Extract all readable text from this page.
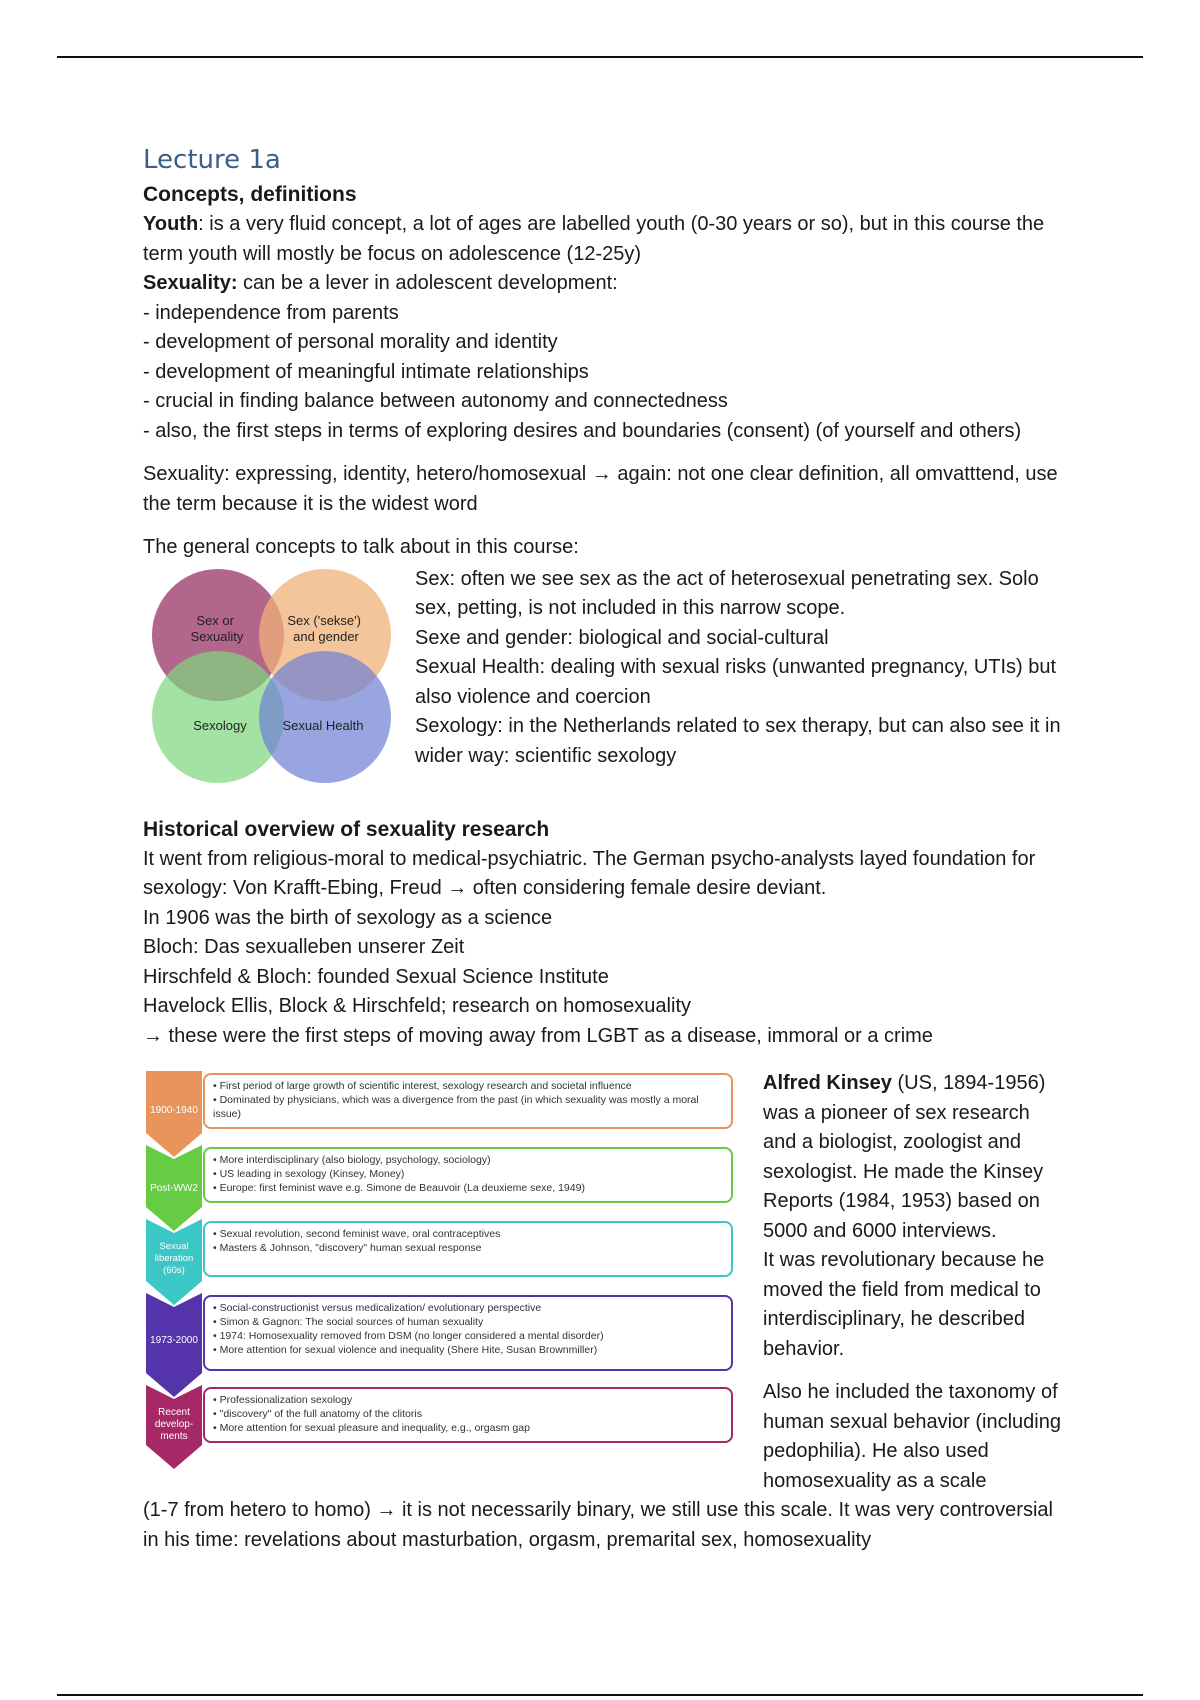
Lecture 1a

Concepts, definitions

Youth: is a very fluid concept, a lot of ages are labelled youth (0-30 years or so), but in this course the term youth will mostly be focus on adolescence (12-25y)

Sexuality: can be a lever in adolescent development:

- independence from parents

- development of personal morality and identity

- development of meaningful intimate relationships

- crucial in finding balance between autonomy and connectedness

- also, the first steps in terms of exploring desires and boundaries (consent) (of yourself and others)

Sexuality: expressing, identity, hetero/homosexual → again: not one clear definition, all omvatttend, use the term because it is the widest word

The general concepts to talk about in this course:

Sex or Sexuality
Sex ('sekse') and gender
Sexology	Sexual Health

Sex: often we see sex as the act of heterosexual penetrating sex. Solo sex, petting, is not included in this narrow scope.

Sexe and gender: biological and social-cultural

Sexual Health: dealing with sexual risks (unwanted pregnancy, UTIs) but also violence and coercion

Sexology: in the Netherlands related to sex therapy, but can also see it in wider way: scientific sexology

Historical overview of sexuality research

It went from religious-moral to medical-psychiatric. The German psycho-analysts layed foundation for sexology: Von Krafft-Ebing, Freud → often considering female desire deviant.

In 1906 was the birth of sexology as a science

Bloch: Das sexualleben unserer Zeit

Hirschfeld & Bloch: founded Sexual Science Institute

Havelock Ellis, Block & Hirschfeld; research on homosexuality

→ these were the first steps of moving away from LGBT as a disease, immoral or a crime

1900-1940
• First period of large growth of scientific interest, sexology research and societal influence
• Dominated by physicians, which was a divergence from the past (in which sexuality was mostly a moral issue)
Post-WW2
• More interdisciplinary (also biology, psychology, sociology)
• US leading in sexology (Kinsey, Money)
• Europe: first feminist wave e.g. Simone de Beauvoir (La deuxieme sexe, 1949)
Sexual liberation (60s)
• Sexual revolution, second feminist wave, oral contraceptives
• Masters & Johnson, "discovery" human sexual response
1973-2000
• Social-constructionist versus medicalization/ evolutionary perspective
• Simon & Gagnon: The social sources of human sexuality
• 1974: Homosexuality removed from DSM (no longer considered a mental disorder)
• More attention for sexual violence and inequality (Shere Hite, Susan Brownmiller)
Recent develop-ments
• Professionalization sexology
• "discovery" of the full anatomy of the clitoris
• More attention for sexual pleasure and inequality, e.g., orgasm gap

Alfred Kinsey (US, 1894-1956) was a pioneer of sex research and a biologist, zoologist and sexologist. He made the Kinsey Reports (1984, 1953) based on 5000 and 6000 interviews.

It was revolutionary because he moved the field from medical to interdisciplinary, he described behavior.

Also he included the taxonomy of human sexual behavior (including pedophilia). He also used homosexuality as a scale

(1-7 from hetero to homo) → it is not necessarily binary, we still use this scale. It was very controversial in his time: revelations about masturbation, orgasm, premarital sex, homosexuality
